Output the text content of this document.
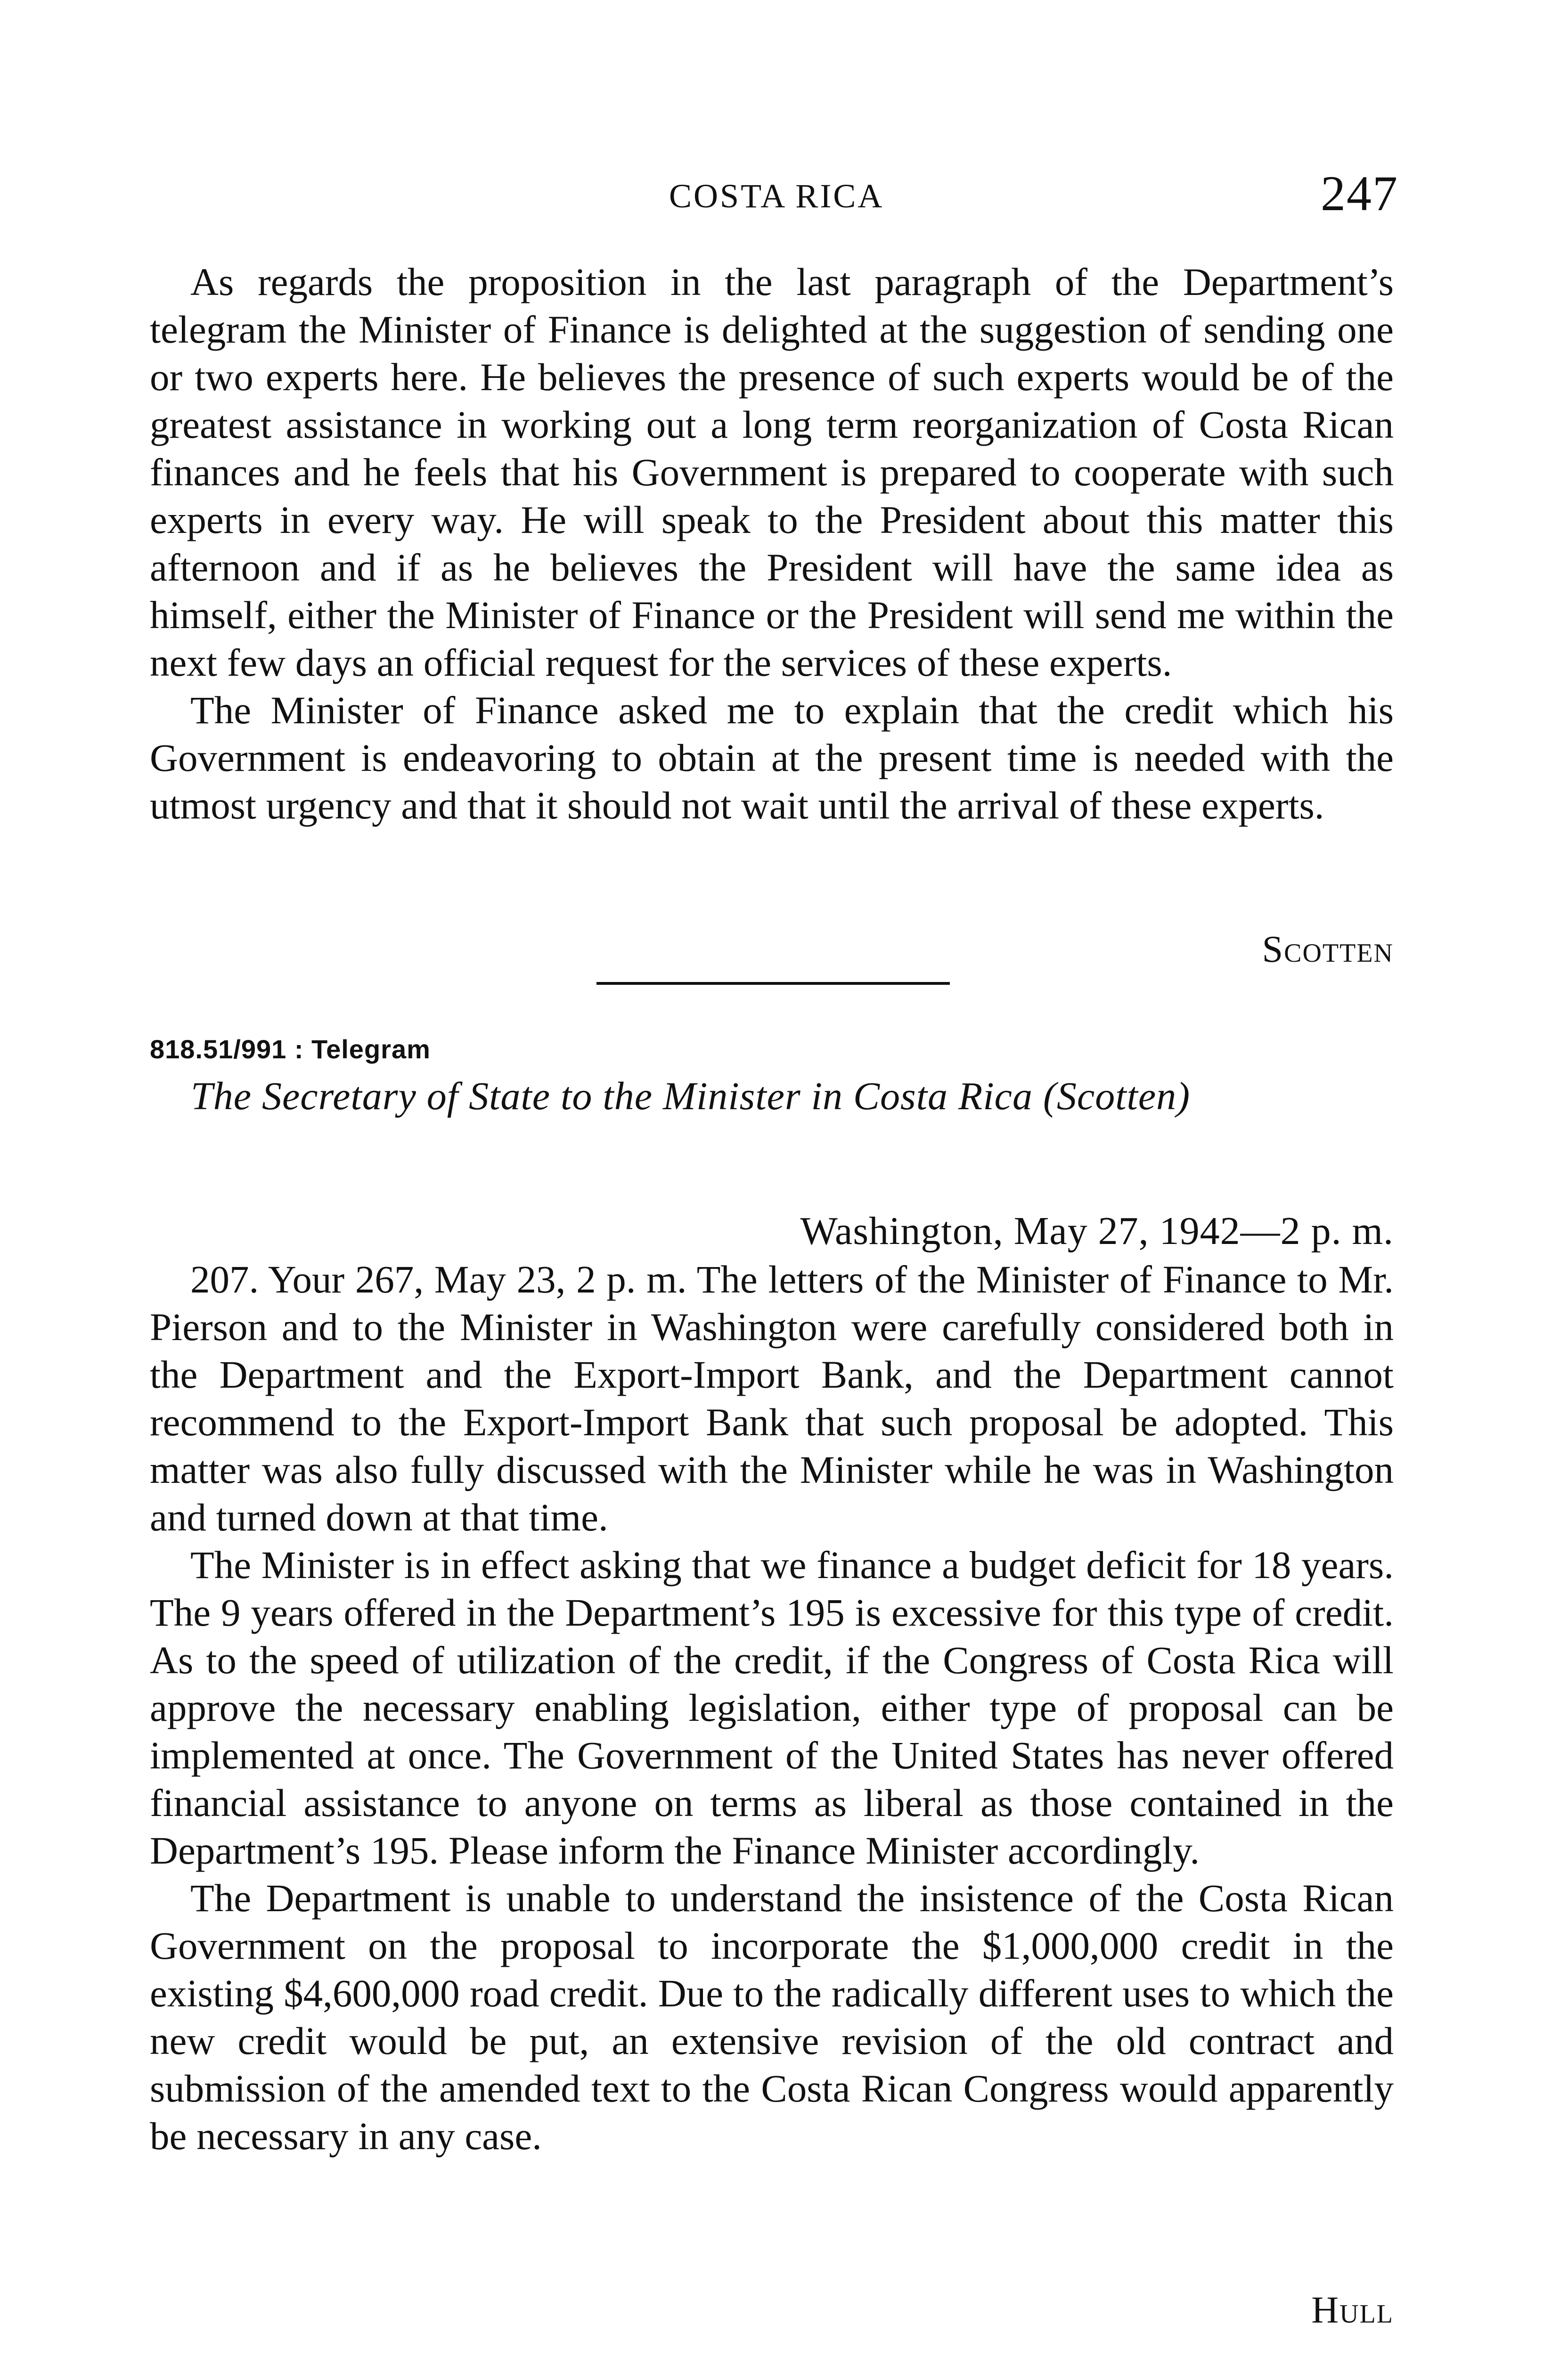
COSTA RICA	247

As regards the proposition in the last paragraph of the Department’s telegram the Minister of Finance is delighted at the suggestion of sending one or two experts here. He believes the presence of such experts would be of the greatest assistance in working out a long term reorganization of Costa Rican finances and he feels that his Government is prepared to cooperate with such experts in every way. He will speak to the President about this matter this afternoon and if as he believes the President will have the same idea as himself, either the Minister of Finance or the President will send me within the next few days an official request for the services of these experts.

The Minister of Finance asked me to explain that the credit which his Government is endeavoring to obtain at the present time is needed with the utmost urgency and that it should not wait until the arrival of these experts.

Scotten
818.51/991 : Telegram
The Secretary of State to the Minister in Costa Rica (Scotten)
Washington, May 27, 1942—2 p. m.

207. Your 267, May 23, 2 p. m. The letters of the Minister of Finance to Mr. Pierson and to the Minister in Washington were carefully considered both in the Department and the Export-Import Bank, and the Department cannot recommend to the Export-Import Bank that such proposal be adopted. This matter was also fully discussed with the Minister while he was in Washington and turned down at that time.

The Minister is in effect asking that we finance a budget deficit for 18 years. The 9 years offered in the Department’s 195 is excessive for this type of credit. As to the speed of utilization of the credit, if the Congress of Costa Rica will approve the necessary enabling legislation, either type of proposal can be implemented at once. The Government of the United States has never offered financial assistance to anyone on terms as liberal as those contained in the Department’s 195. Please inform the Finance Minister accordingly.

The Department is unable to understand the insistence of the Costa Rican Government on the proposal to incorporate the $1,000,000 credit in the existing $4,600,000 road credit. Due to the radically different uses to which the new credit would be put, an extensive revision of the old contract and submission of the amended text to the Costa Rican Congress would apparently be necessary in any case.

Hull
